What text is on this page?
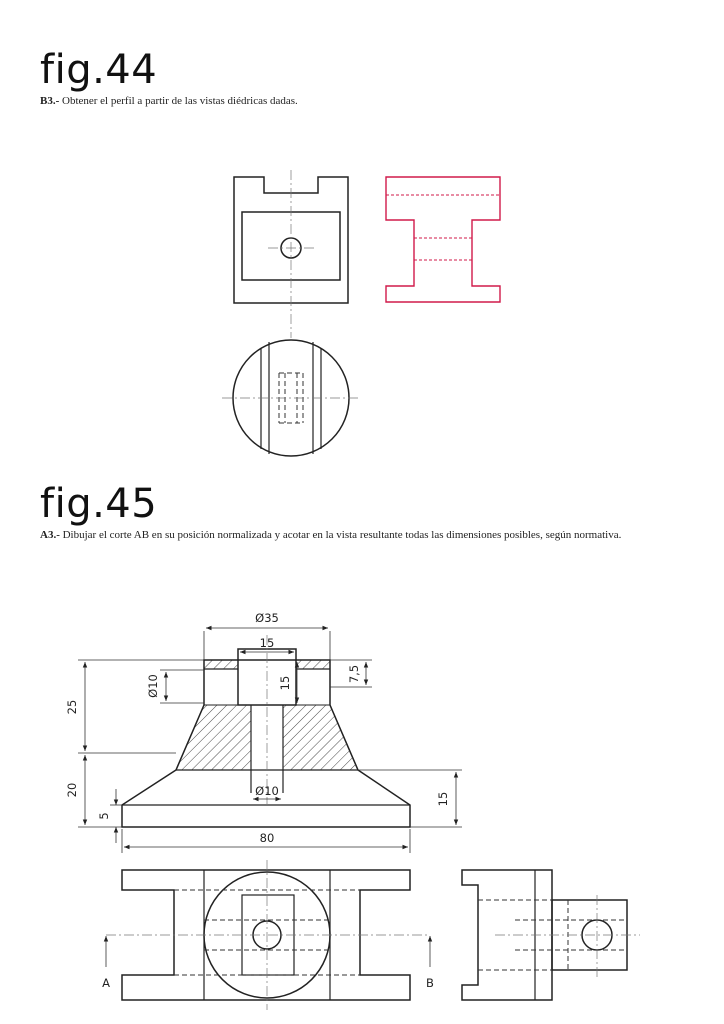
fig.44

B3.- Obtener el perfil a partir de las vistas diédricas dadas.

fig.45

A3.- Dibujar el corte AB en su posición normalizada y acotar en la vista resultante todas las dimensiones posibles, según normativa.

Ø35
15
Ø10	15	7,5
25
20
5
15
Ø10
80
A	B
